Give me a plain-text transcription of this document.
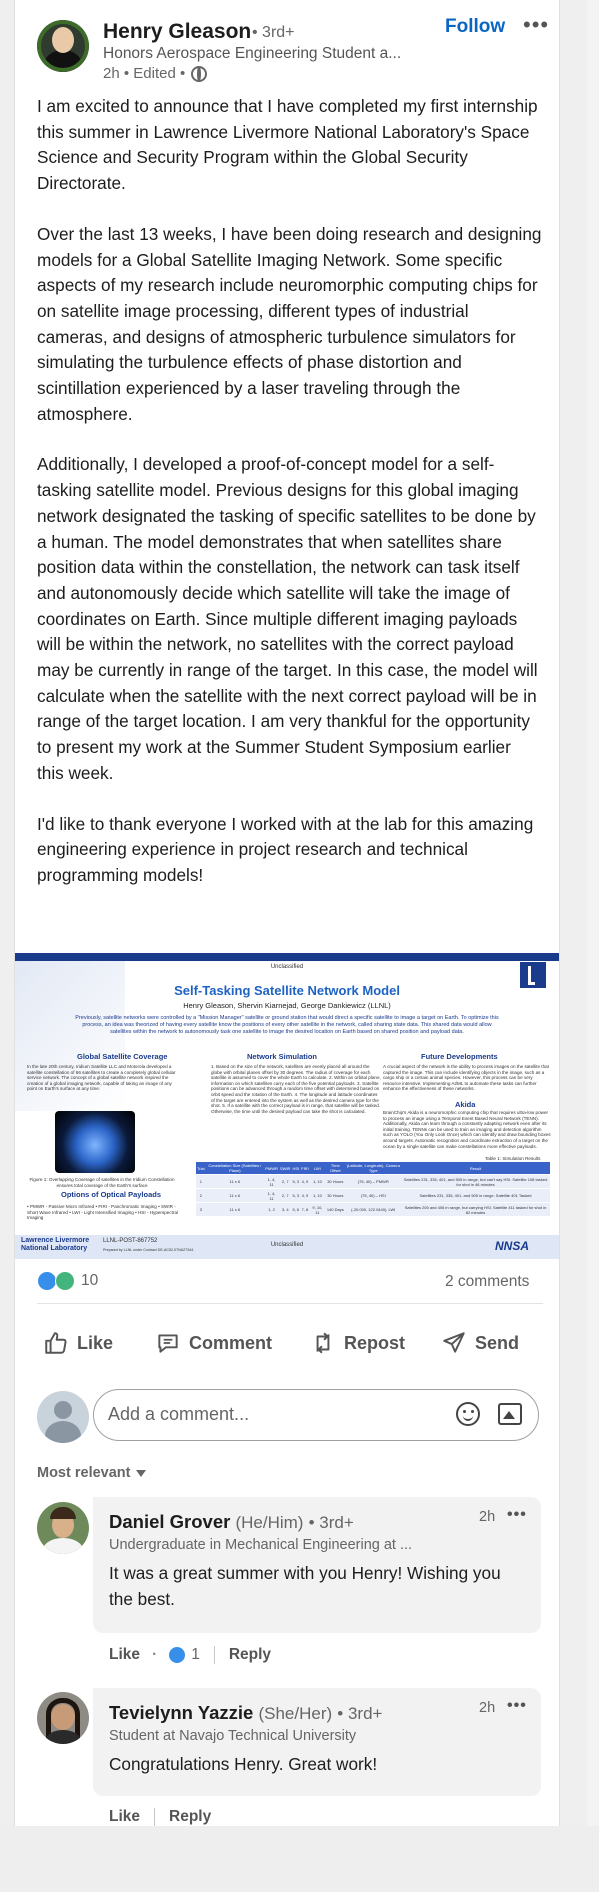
Henry Gleason • 3rd+
Honors Aerospace Engineering Student a...
2h • Edited •
Follow •••

I am excited to announce that I have completed my first internship this summer in Lawrence Livermore National Laboratory's Space Science and Security Program within the Global Security Directorate.

Over the last 13 weeks, I have been doing research and designing models for a Global Satellite Imaging Network. Some specific aspects of my research include neuromorphic computing chips for on satellite image processing, different types of industrial cameras, and designs of atmospheric turbulence simulators for simulating the turbulence effects of phase distortion and scintillation experienced by a laser traveling through the atmosphere.

Additionally, I developed a proof-of-concept model for a self-tasking satellite model. Previous designs for this global imaging network designated the tasking of specific satellites to be done by a human. The model demonstrates that when satellites share position data within the constellation, the network can task itself and autonomously decide which satellite will take the image of coordinates on Earth. Since multiple different imaging payloads will be within the network, no satellites with the correct payload may be currently in range of the target. In this case, the model will calculate when the satellite with the next correct payload will be in range of the target location. I am very thankful for the opportunity to present my work at the Summer Student Symposium earlier this week.

I'd like to thank everyone I worked with at the lab for this amazing engineering experience in project research and technical programming models!

Unclassified
Self-Tasking Satellite Network Model
Henry Gleason, Shervin Kiarnejad, George Dankiewicz (LLNL)
Previously, satellite networks were controlled by a "Mission Manager" satellite or ground station that would direct a specific satellite to image a target on Earth. To optimize this process, an idea was theorized of having every satellite know the positions of every other satellite in the network, called sharing state data. This shared data would allow satellites within the network to autonomously task one satellite to image the desired location on Earth based on shared position and payload data.
Global Satellite Coverage
In the late 20th century, Iridium Satellite LLC and Motorola developed a satellite constellation of 66 satellites to create a completely global cellular service network. The concept of a global satellite network inspired the creation of a global imaging network, capable of taking an image of any point on Earth's surface at any time.
Figure 1: Overlapping Coverage of satellites in the Iridium Constellation ensures total coverage of the Earth's surface
Options of Optical Payloads
• PMWR - Passive Micro Infrared • FIRI - Panchromatic Imaging • SWIR - Short Wave Infrared • LWI - Light Intensified Imaging • HSI - Hyperspectral Imaging
Network Simulation
1. Based on the size of the network, satellites are evenly placed all around the globe with orbital planes offset by 30 degrees. The radius of coverage for each satellite is assumed to cover the whole Earth to calculate. 2. Within an orbital plane, information on which satellites carry each of the five potential payloads. 3. Satellite positions can be advanced through a random time offset with determined based on orbit speed and the rotation of the Earth. 4. The longitude and latitude coordinates of the target are entered into the system as well as the desired camera type for the shot. 5. If a satellite with the correct payload is in range, that satellite will be tasked. Otherwise, the time until the desired payload can take the shot is calculated.
Future Developments
A crucial aspect of the network is the ability to process images on the satellite that captured the image. This can include identifying objects in the image, such as a cargo ship or a certain animal species. However, this process can be very resource intensive. Implementing AI/ML to automate these tasks can further enhance the effectiveness of these networks.
Akida
BrainChip's Akida is a neuromorphic computing chip that requires ultra-low power to process an image using a Temporal Event Based Neural Network (TENN). Additionally, Akida can learn through a constantly adapting network even after its initial training. TENNs can be used to train an imaging and detection algorithm such as YOLO (You Only Look Once) which can identify and draw bounding boxes around targets. Automatic recognition and coordinate extraction of a target on the ocean by a single satellite can make constellations more effective payloads.
Table 1: Simulation Results
Trial	Constellation Size (Satellites / Plane)	PMWR	SWIR	HSI	FIRI	LWI	Time Offset	(Latitude, Longitude), Camera Type	Result
1	11 x 6	1, 4, 11	2, 7	5, 3	4, 9	1, 10	30 Hours	(75, 40) – PMWR	Satellites 231, 335, 401, and 505 in range, but can't say HSI. Satellite 108 tasked for shot in 46 minutes
2	11 x 6	1, 4, 11	2, 7	5, 3	4, 9	1, 10	30 Hours	(75, 40) – HSI	Satellites 231, 335, 401, and 505 in range. Satellite 401 Tasked
3	11 x 6	1, 2	3, 4	5, 6	7, 8	9, 10, 11	140 Days	(-20.000, 122.0440), LWI	Satellites 205 and 406 in range, but carrying HSI. Satellite 411 tasked for shot in 82 minutes
Lawrence Livermore National Laboratory
LLNL-POST-867752
Prepared by LLNL under Contract DE-AC52-07NA27344.
Unclassified	NNSA
10	2 comments
Like	Comment	Repost	Send
Add a comment...
Most relevant
Daniel Grover (He/Him) • 3rd+
Undergraduate in Mechanical Engineering at ...
It was a great summer with you Henry! Wishing you the best.
2h •••
Like · 1 Reply
Tevielynn Yazzie (She/Her) • 3rd+
Student at Navajo Technical University
Congratulations Henry. Great work!
2h •••
Like Reply
